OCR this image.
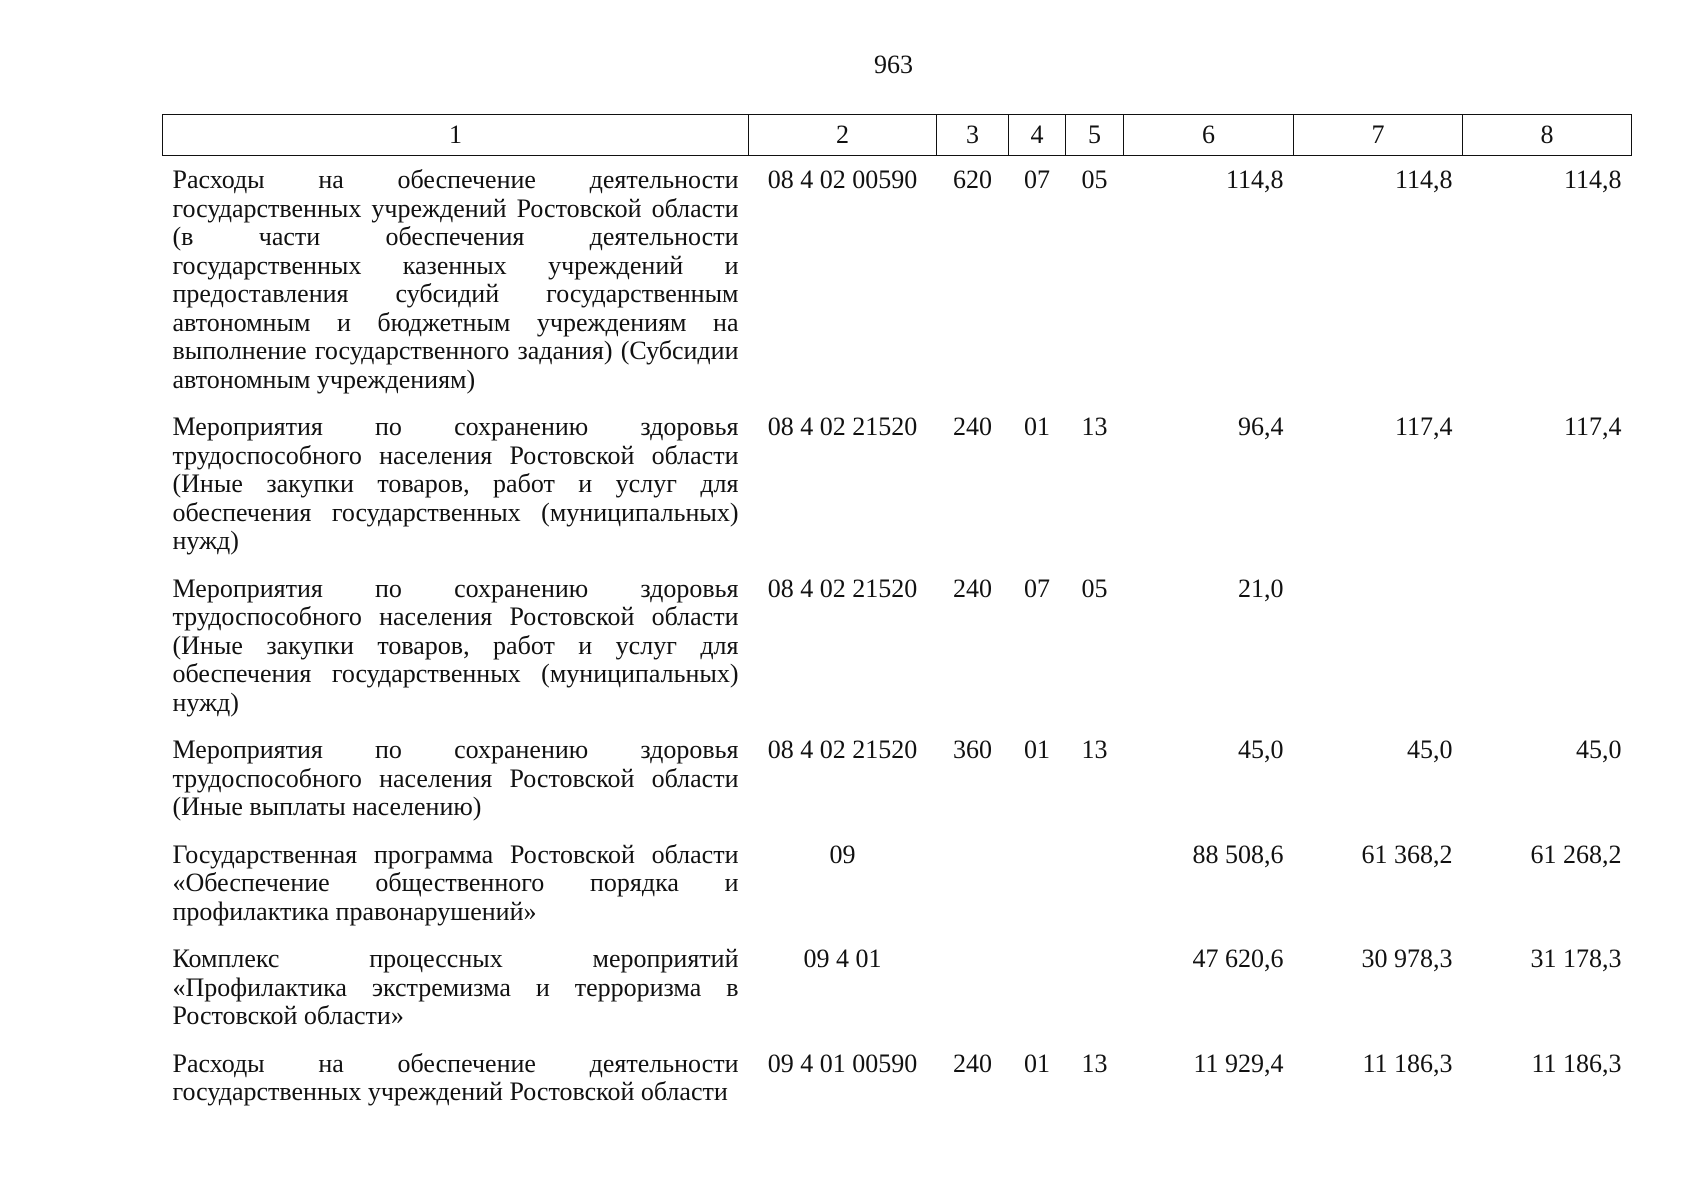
963
1	2	3	4	5	6	7	8
Расходы на обеспечение деятельности государственных учреждений Ростовской области (в части обеспечения деятельности государственных казенных учреждений и предоставления субсидий государственным автономным и бюджетным учреждениям на выполнение государственного задания) (Субсидии автономным учреждениям)	08 4 02 00590	620	07	05	114,8	114,8	114,8
Мероприятия по сохранению здоровья трудоспособного населения Ростовской области (Иные закупки товаров, работ и услуг для обеспечения государственных (муниципальных) нужд)	08 4 02 21520	240	01	13	96,4	117,4	117,4
Мероприятия по сохранению здоровья трудоспособного населения Ростовской области (Иные закупки товаров, работ и услуг для обеспечения государственных (муниципальных) нужд)	08 4 02 21520	240	07	05	21,0		
Мероприятия по сохранению здоровья трудоспособного населения Ростовской области (Иные выплаты населению)	08 4 02 21520	360	01	13	45,0	45,0	45,0
Государственная программа Ростовской области «Обеспечение общественного порядка и профилактика правонарушений»	09				88 508,6	61 368,2	61 268,2
Комплекс процессных мероприятий «Профилактика экстремизма и терроризма в Ростовской области»	09 4 01				47 620,6	30 978,3	31 178,3
Расходы на обеспечение деятельности государственных учреждений Ростовской области	09 4 01 00590	240	01	13	11 929,4	11 186,3	11 186,3
